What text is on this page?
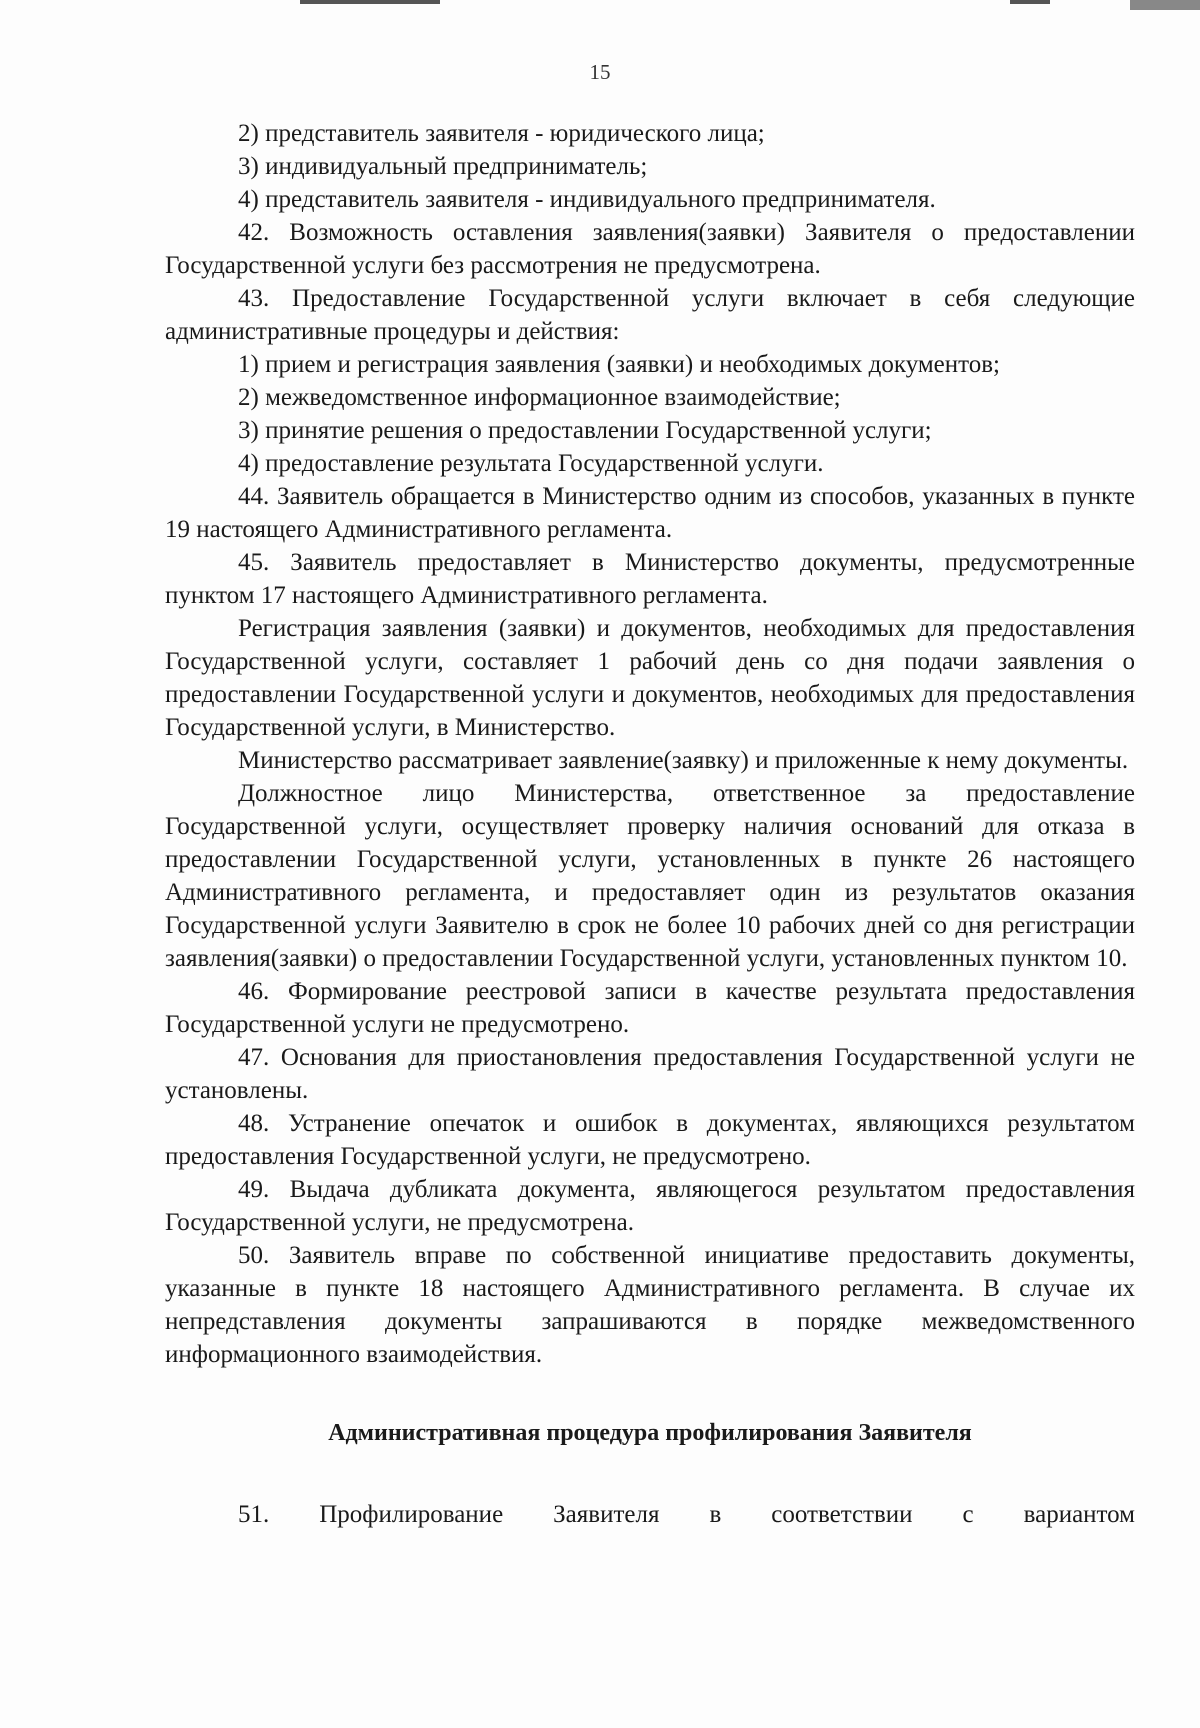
15

2) представитель заявителя - юридического лица;

3) индивидуальный предприниматель;

4) представитель заявителя - индивидуального предпринимателя.

42. Возможность оставления заявления(заявки) Заявителя о предоставлении Государственной услуги без рассмотрения не предусмотрена.

43. Предоставление Государственной услуги включает в себя следующие административные процедуры и действия:

1) прием и регистрация заявления (заявки) и необходимых документов;

2) межведомственное информационное взаимодействие;

3) принятие решения о предоставлении Государственной услуги;

4) предоставление результата Государственной услуги.

44. Заявитель обращается в Министерство одним из способов, указанных в пункте 19 настоящего Административного регламента.

45. Заявитель предоставляет в Министерство документы, предусмотренные пунктом 17 настоящего Административного регламента.

Регистрация заявления (заявки) и документов, необходимых для предоставления Государственной услуги, составляет 1 рабочий день со дня подачи заявления о предоставлении Государственной услуги и документов, необходимых для предоставления Государственной услуги, в Министерство.

Министерство рассматривает заявление(заявку) и приложенные к нему документы.

Должностное лицо Министерства, ответственное за предоставление Государственной услуги, осуществляет проверку наличия оснований для отказа в предоставлении Государственной услуги, установленных в пункте 26 настоящего Административного регламента, и предоставляет один из результатов оказания Государственной услуги Заявителю в срок не более 10 рабочих дней со дня регистрации заявления(заявки) о предоставлении Государственной услуги, установленных пунктом 10.

46. Формирование реестровой записи в качестве результата предоставления Государственной услуги не предусмотрено.

47. Основания для приостановления предоставления Государственной услуги не установлены.

48. Устранение опечаток и ошибок в документах, являющихся результатом предоставления Государственной услуги, не предусмотрено.

49. Выдача дубликата документа, являющегося результатом предоставления Государственной услуги, не предусмотрена.

50. Заявитель вправе по собственной инициативе предоставить документы, указанные в пункте 18 настоящего Административного регламента. В случае их непредставления документы запрашиваются в порядке межведомственного информационного взаимодействия.

Административная процедура профилирования Заявителя

51. Профилирование Заявителя в соответствии с вариантом
